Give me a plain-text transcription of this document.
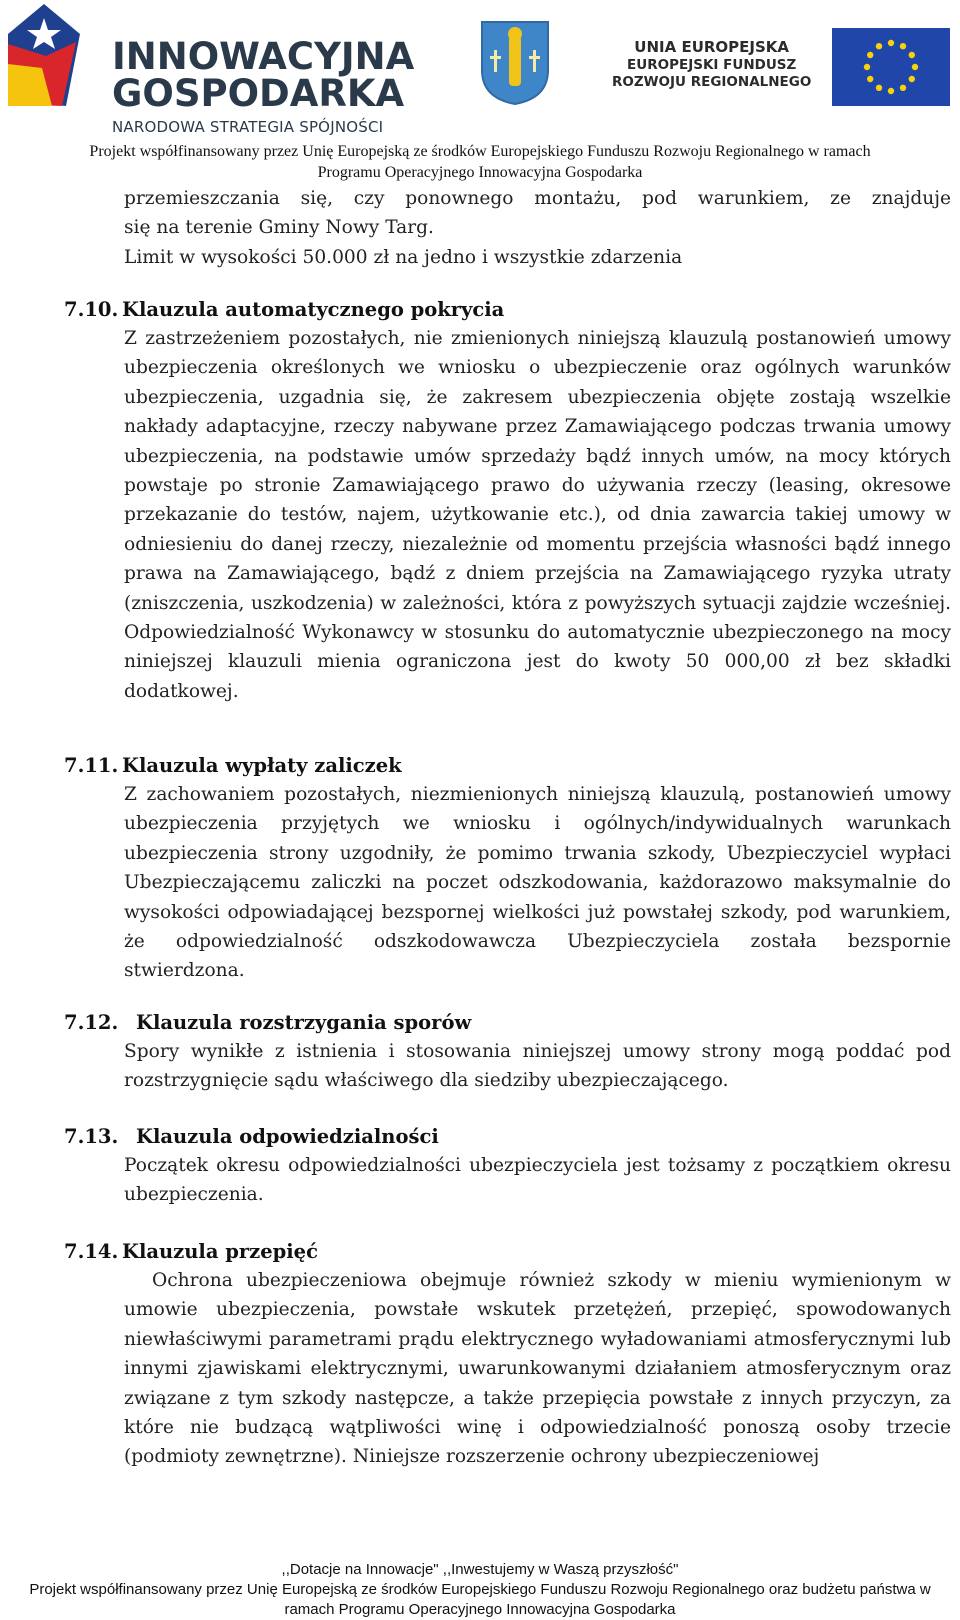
INNOWACYJNA
GOSPODARKA
NARODOWA STRATEGIA SPÓJNOŚCI
UNIA EUROPEJSKA
EUROPEJSKI FUNDUSZ
ROZWOJU REGIONALNEGO
Projekt współfinansowany przez Unię Europejską ze środków Europejskiego Funduszu Rozwoju Regionalnego w ramach
Programu Operacyjnego Innowacyjna Gospodarka
przemieszczania się, czy ponownego montażu, pod warunkiem, ze znajduje
się na terenie Gminy Nowy Targ.
Limit w wysokości 50.000 zł na jedno i wszystkie zdarzenia
7.10. Klauzula automatycznego pokrycia
Z zastrzeżeniem pozostałych, nie zmienionych niniejszą klauzulą postanowień umowy ubezpieczenia określonych we wniosku o ubezpieczenie oraz ogólnych warunków ubezpieczenia, uzgadnia się, że zakresem ubezpieczenia objęte zostają wszelkie nakłady adaptacyjne, rzeczy nabywane przez Zamawiającego podczas trwania umowy ubezpieczenia, na podstawie umów sprzedaży bądź innych umów, na mocy których powstaje po stronie Zamawiającego prawo do używania rzeczy (leasing, okresowe przekazanie do testów, najem, użytkowanie etc.), od dnia zawarcia takiej umowy w odniesieniu do danej rzeczy, niezależnie od momentu przejścia własności bądź innego prawa na Zamawiającego, bądź z dniem przejścia na Zamawiającego ryzyka utraty (zniszczenia, uszkodzenia) w zależności, która z powyższych sytuacji zajdzie wcześniej. Odpowiedzialność Wykonawcy w stosunku do automatycznie ubezpieczonego na mocy niniejszej klauzuli mienia ograniczona jest do kwoty 50 000,00 zł bez składki dodatkowej.
7.11. Klauzula wypłaty zaliczek
Z zachowaniem pozostałych, niezmienionych niniejszą klauzulą, postanowień umowy ubezpieczenia przyjętych we wniosku i ogólnych/indywidualnych warunkach ubezpieczenia strony uzgodniły, że pomimo trwania szkody, Ubezpieczyciel wypłaci Ubezpieczającemu zaliczki na poczet odszkodowania, każdorazowo maksymalnie do wysokości odpowiadającej bezspornej wielkości już powstałej szkody, pod warunkiem, że odpowiedzialność odszkodowawcza Ubezpieczyciela została bezspornie stwierdzona.
7.12. Klauzula rozstrzygania sporów
Spory wynikłe z istnienia i stosowania niniejszej umowy strony mogą poddać pod rozstrzygnięcie sądu właściwego dla siedziby ubezpieczającego.
7.13. Klauzula odpowiedzialności
Początek okresu odpowiedzialności ubezpieczyciela jest tożsamy z początkiem okresu ubezpieczenia.
7.14. Klauzula przepięć
Ochrona ubezpieczeniowa obejmuje również szkody w mieniu wymienionym w umowie ubezpieczenia, powstałe wskutek przetężeń, przepięć, spowodowanych niewłaściwymi parametrami prądu elektrycznego wyładowaniami atmosferycznymi lub innymi zjawiskami elektrycznymi, uwarunkowanymi działaniem atmosferycznym oraz związane z tym szkody następcze, a także przepięcia powstałe z innych przyczyn, za które nie budzącą wątpliwości winę i odpowiedzialność ponoszą osoby trzecie (podmioty zewnętrzne). Niniejsze rozszerzenie ochrony ubezpieczeniowej
,,Dotacje na Innowacje" ,,Inwestujemy w Waszą przyszłość"
Projekt współfinansowany przez Unię Europejską ze środków Europejskiego Funduszu Rozwoju Regionalnego oraz budżetu państwa w
ramach Programu Operacyjnego Innowacyjna Gospodarka
